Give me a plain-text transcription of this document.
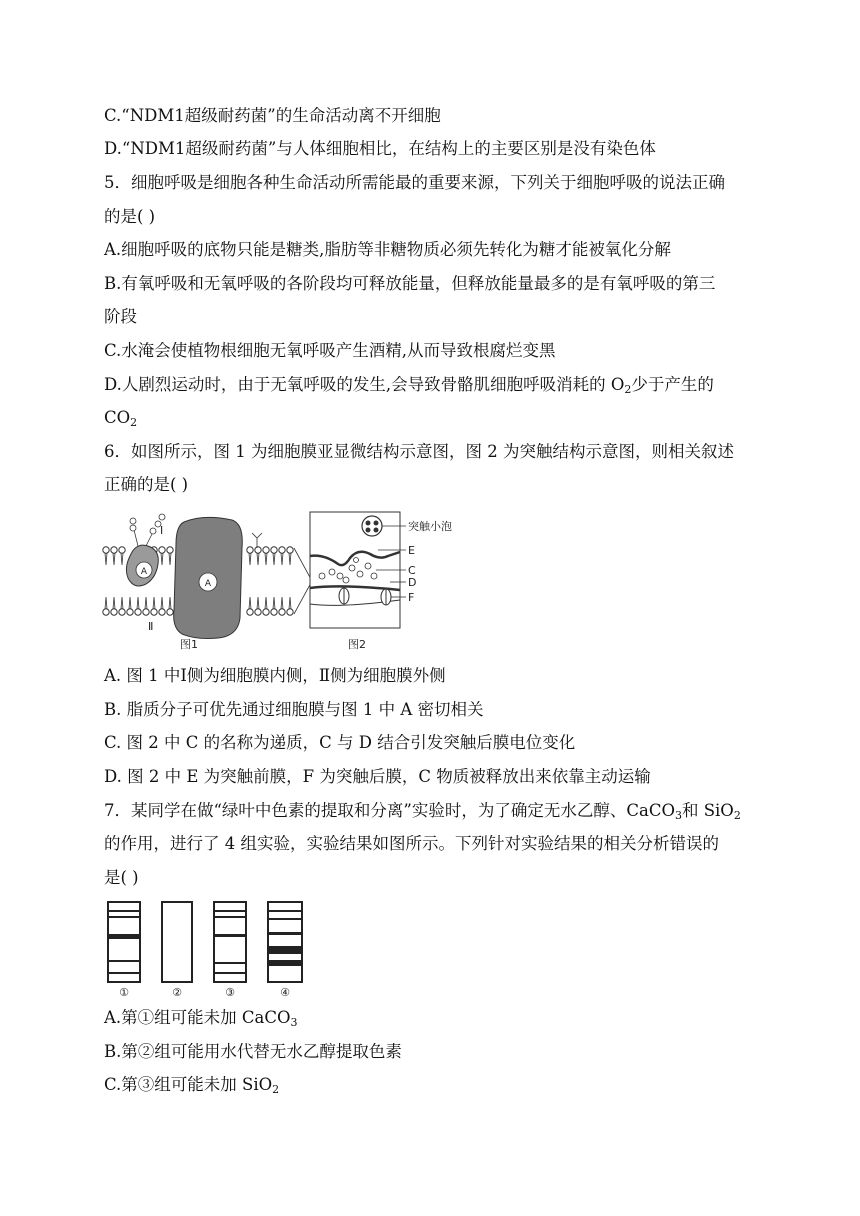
C.“NDM1超级耐药菌”的生命活动离不开细胞
D.“NDM1超级耐药菌”与人体细胞相比，在结构上的主要区别是没有染色体
5．细胞呼吸是细胞各种生命活动所需能最的重要来源，下列关于细胞呼吸的说法正确
的是( )
A.细胞呼吸的底物只能是糖类,脂肪等非糖物质必须先转化为糖才能被氧化分解
B.有氧呼吸和无氧呼吸的各阶段均可释放能量，但释放能量最多的是有氧呼吸的第三
阶段
C.水淹会使植物根细胞无氧呼吸产生酒精,从而导致根腐烂变黑
D.人剧烈运动时，由于无氧呼吸的发生,会导致骨骼肌细胞呼吸消耗的 $O_2$少于产生的
$CO_2$
6．如图所示，图 1 为细胞膜亚显微结构示意图，图 2 为突触结构示意图，则相关叙述
正确的是( )
A
A
Ⅰ
Ⅱ
图1
突触小泡
E
C
D
F
图2
A. 图 1 中Ⅰ侧为细胞膜内侧，Ⅱ侧为细胞膜外侧
B. 脂质分子可优先通过细胞膜与图 1 中 A 密切相关
C. 图 2 中 C 的名称为递质，C 与 D 结合引发突触后膜电位变化
D. 图 2 中 E 为突触前膜，F 为突触后膜，C 物质被释放出来依靠主动运输
7．某同学在做“绿叶中色素的提取和分离”实验时，为了确定无水乙醇、CaCO$_3$和 SiO$_2$
的作用，进行了 4 组实验，实验结果如图所示。下列针对实验结果的相关分析错误的
是( )
①	②	③	④
A.第①组可能未加 CaCO$_3$
B.第②组可能用水代替无水乙醇提取色素
C.第③组可能未加 SiO$_2$
